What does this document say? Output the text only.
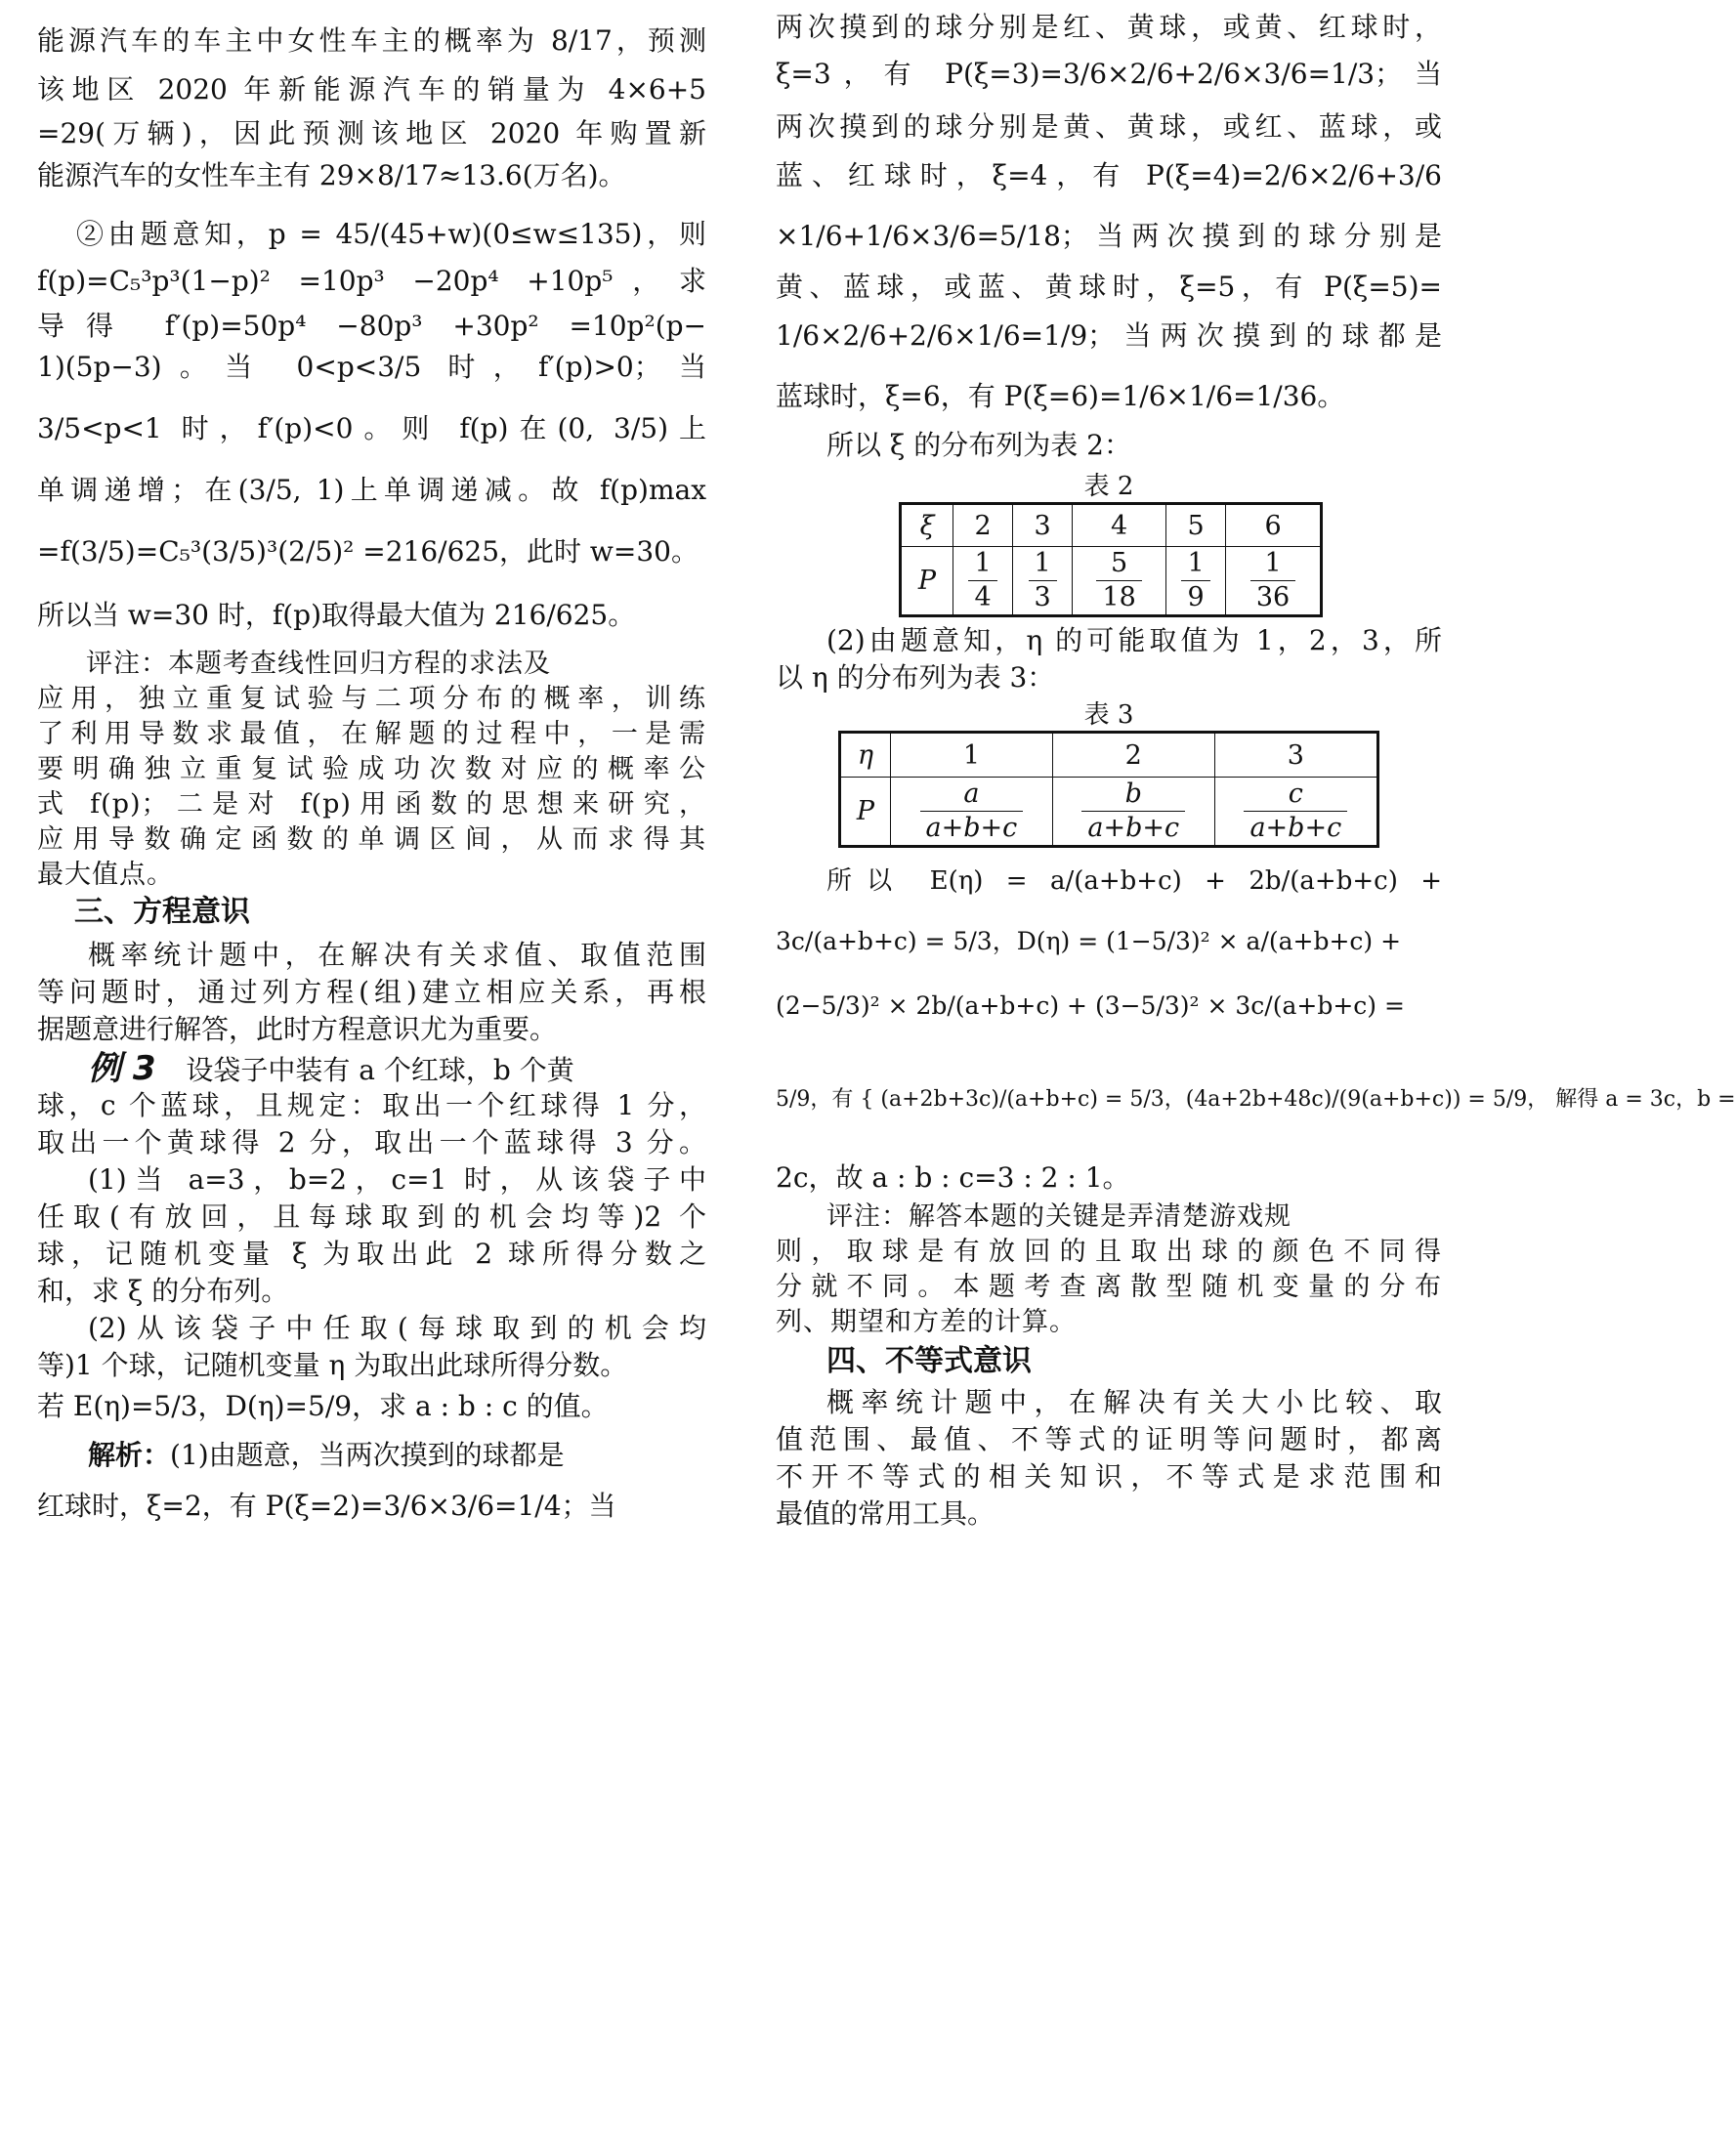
能源汽车的车主中女性车主的概率为 8/17，预测
该地区 2020 年新能源汽车的销量为 4×6+5
=29(万辆)，因此预测该地区 2020 年购置新
能源汽车的女性车主有 29×8/17≈13.6(万名)。
②由题意知，p = 45/(45+w)(0≤w≤135)，则
f(p)=C₅³p³(1−p)² =10p³ −20p⁴ +10p⁵，求
导得 f′(p)=50p⁴ −80p³ +30p² =10p²(p−
1)(5p−3)。当 0<p<3/5 时，f′(p)>0；当
3/5<p<1 时，f′(p)<0。则 f(p)在(0, 3/5)上
单调递增；在(3/5, 1)上单调递减。故 f(p)max
=f(3/5)=C₅³(3/5)³(2/5)² =216/625，此时 w=30。
所以当 w=30 时，f(p)取得最大值为 216/625。
评注：本题考查线性回归方程的求法及
应用，独立重复试验与二项分布的概率，训练
了利用导数求最值，在解题的过程中，一是需
要明确独立重复试验成功次数对应的概率公
式 f(p)；二是对 f(p)用函数的思想来研究，
应用导数确定函数的单调区间，从而求得其
最大值点。
三、方程意识
概率统计题中，在解决有关求值、取值范围
等问题时，通过列方程(组)建立相应关系，再根
据题意进行解答，此时方程意识尤为重要。
例 3 设袋子中装有 a 个红球，b 个黄
球，c 个蓝球，且规定：取出一个红球得 1 分，
取出一个黄球得 2 分，取出一个蓝球得 3 分。
(1)当 a=3，b=2，c=1 时，从该袋子中
任取(有放回，且每球取到的机会均等)2 个
球，记随机变量 ξ 为取出此 2 球所得分数之
和，求 ξ 的分布列。
(2)从该袋子中任取(每球取到的机会均
等)1 个球，记随机变量 η 为取出此球所得分数。
若 E(η)=5/3，D(η)=5/9，求 a : b : c 的值。
解析：(1)由题意，当两次摸到的球都是
红球时，ξ=2，有 P(ξ=2)=3/6×3/6=1/4；当
两次摸到的球分别是红、黄球，或黄、红球时，
ξ=3，有 P(ξ=3)=3/6×2/6+2/6×3/6=1/3；当
两次摸到的球分别是黄、黄球，或红、蓝球，或
蓝、红球时，ξ=4，有 P(ξ=4)=2/6×2/6+3/6
×1/6+1/6×3/6=5/18；当两次摸到的球分别是
黄、蓝球，或蓝、黄球时，ξ=5，有 P(ξ=5)=
1/6×2/6+2/6×1/6=1/9；当两次摸到的球都是
蓝球时，ξ=6，有 P(ξ=6)=1/6×1/6=1/36。
所以 ξ 的分布列为表 2：
表 2
(2)由题意知，η 的可能取值为 1，2，3，所
以 η 的分布列为表 3：
表 3
所以 E(η) = a/(a+b+c) + 2b/(a+b+c) +
3c/(a+b+c) = 5/3，D(η) = (1−5/3)² × a/(a+b+c) +
(2−5/3)² × 2b/(a+b+c) + (3−5/3)² × 3c/(a+b+c) =
5/9，有 { (a+2b+3c)/(a+b+c) = 5/3，(4a+2b+48c)/(9(a+b+c)) = 5/9， 解得 a = 3c，b =
2c，故 a : b : c=3 : 2 : 1。
评注：解答本题的关键是弄清楚游戏规
则，取球是有放回的且取出球的颜色不同得
分就不同。本题考查离散型随机变量的分布
列、期望和方差的计算。
四、不等式意识
概率统计题中，在解决有关大小比较、取
值范围、最值、不等式的证明等问题时，都离
不开不等式的相关知识，不等式是求范围和
最值的常用工具。
ξ	2	3	4	5	6
P	$\frac{1}{4}$	$\frac{1}{3}$	$\frac{5}{18}$	$\frac{1}{9}$	$\frac{1}{36}$
η	1	2	3
P	$\frac{a}{a+b+c}$	$\frac{b}{a+b+c}$	$\frac{c}{a+b+c}$
